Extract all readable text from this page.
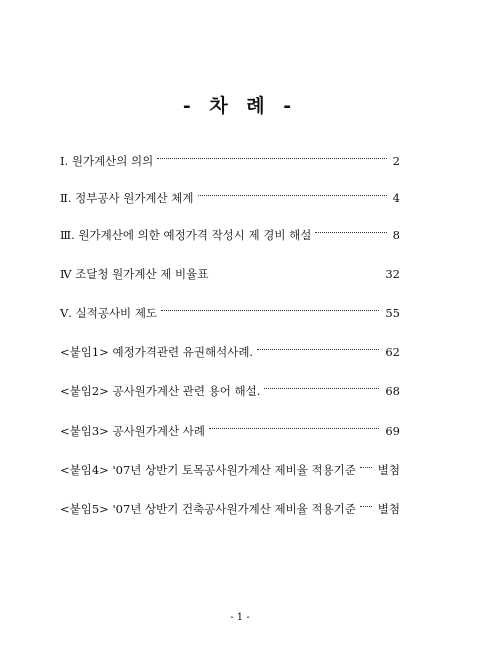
- 차 례 -
Ⅰ. 원가계산의 의의	2
Ⅱ. 정부공사 원가계산 체계	4
Ⅲ. 원가계산에 의한 예정가격 작성시 제 경비 해설	8
Ⅳ 조달청 원가계산 제 비율표	32
Ⅴ. 실적공사비 제도	55
<붙임1> 예정가격관련 유권해석사례.	62
<붙임2> 공사원가계산 관련 용어 해설.	68
<붙임3> 공사원가계산 사례	69
<붙임4> '07년 상반기 토목공사원가계산 제비율 적용기준	별첨
<붙임5> '07년 상반기 건축공사원가계산 제비율 적용기준	별첨
- 1 -
